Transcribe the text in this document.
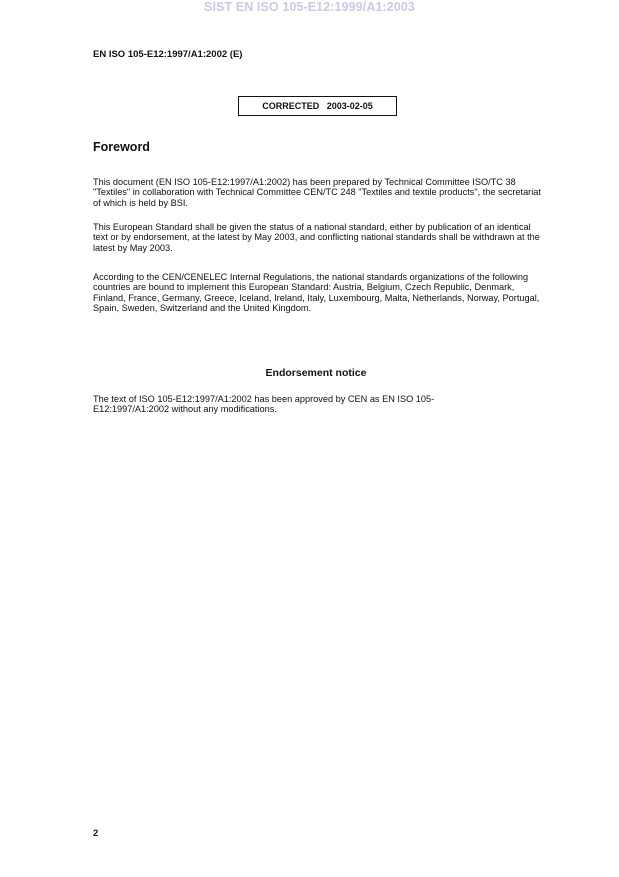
SIST EN ISO 105-E12:1999/A1:2003
EN ISO 105-E12:1997/A1:2002 (E)
CORRECTED   2003-02-05
Foreword

This document (EN ISO 105-E12:1997/A1:2002) has been prepared by Technical Committee ISO/TC 38 "Textiles" in collaboration with Technical Committee CEN/TC 248 "Textiles and textile products", the secretariat of which is held by BSI.

This European Standard shall be given the status of a national standard, either by publication of an identical text or by endorsement, at the latest by May 2003, and conflicting national standards shall be withdrawn at the latest by May 2003.

According to the CEN/CENELEC Internal Regulations, the national standards organizations of the following countries are bound to implement this European Standard: Austria, Belgium, Czech Republic, Denmark, Finland, France, Germany, Greece, Iceland, Ireland, Italy, Luxembourg, Malta, Netherlands, Norway, Portugal, Spain, Sweden, Switzerland and the United Kingdom.

Endorsement notice

The text of ISO 105-E12:1997/A1:2002 has been approved by CEN as EN ISO 105-E12:1997/A1:2002 without any modifications.

2
